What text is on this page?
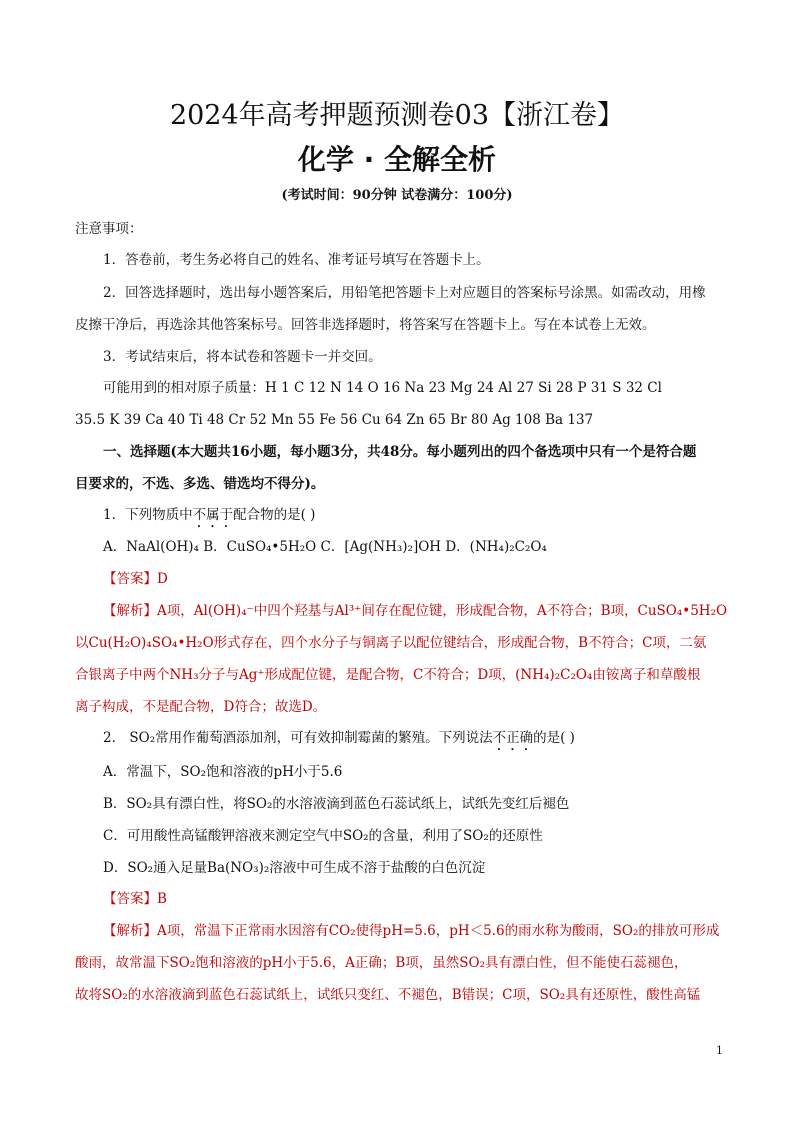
2024年高考押题预测卷03【浙江卷】
化学 · 全解全析
(考试时间：90分钟 试卷满分：100分)
注意事项：
1．答卷前，考生务必将自己的姓名、准考证号填写在答题卡上。
2．回答选择题时，选出每小题答案后，用铅笔把答题卡上对应题目的答案标号涂黑。如需改动，用橡
皮擦干净后，再选涂其他答案标号。回答非选择题时，将答案写在答题卡上。写在本试卷上无效。
3．考试结束后，将本试卷和答题卡一并交回。
可能用到的相对原子质量：H 1 C 12 N 14 O 16 Na 23 Mg 24 Al 27 Si 28 P 31 S 32 Cl
35.5 K 39 Ca 40 Ti 48 Cr 52 Mn 55 Fe 56 Cu 64 Zn 65 Br 80 Ag 108 Ba 137
一、选择题(本大题共16小题，每小题3分，共48分。每小题列出的四个备选项中只有一个是符合题
目要求的，不选、多选、错选均不得分)。
1．下列物质中不属于配合物的是( )
A．NaAl(OH)₄ B．CuSO₄•5H₂O C．[Ag(NH₃)₂]OH D．(NH₄)₂C₂O₄
【答案】D
【解析】A项，Al(OH)₄⁻中四个羟基与Al³⁺间存在配位键，形成配合物，A不符合；B项，CuSO₄•5H₂O
以Cu(H₂O)₄SO₄•H₂O形式存在，四个水分子与铜离子以配位键结合，形成配合物，B不符合；C项，二氨
合银离子中两个NH₃分子与Ag⁺形成配位键，是配合物，C不符合；D项，(NH₄)₂C₂O₄由铵离子和草酸根
离子构成，不是配合物，D符合；故选D。
2． SO₂常用作葡萄酒添加剂，可有效抑制霉菌的繁殖。下列说法不正确的是( )
A．常温下，SO₂饱和溶液的pH小于5.6
B．SO₂具有漂白性，将SO₂的水溶液滴到蓝色石蕊试纸上，试纸先变红后褪色
C．可用酸性高锰酸钾溶液来测定空气中SO₂的含量，利用了SO₂的还原性
D．SO₂通入足量Ba(NO₃)₂溶液中可生成不溶于盐酸的白色沉淀
【答案】B
【解析】A项，常温下正常雨水因溶有CO₂使得pH=5.6，pH＜5.6的雨水称为酸雨，SO₂的排放可形成
酸雨，故常温下SO₂饱和溶液的pH小于5.6，A正确；B项，虽然SO₂具有漂白性，但不能使石蕊褪色，
故将SO₂的水溶液滴到蓝色石蕊试纸上，试纸只变红、不褪色，B错误；C项，SO₂具有还原性，酸性高锰
1
